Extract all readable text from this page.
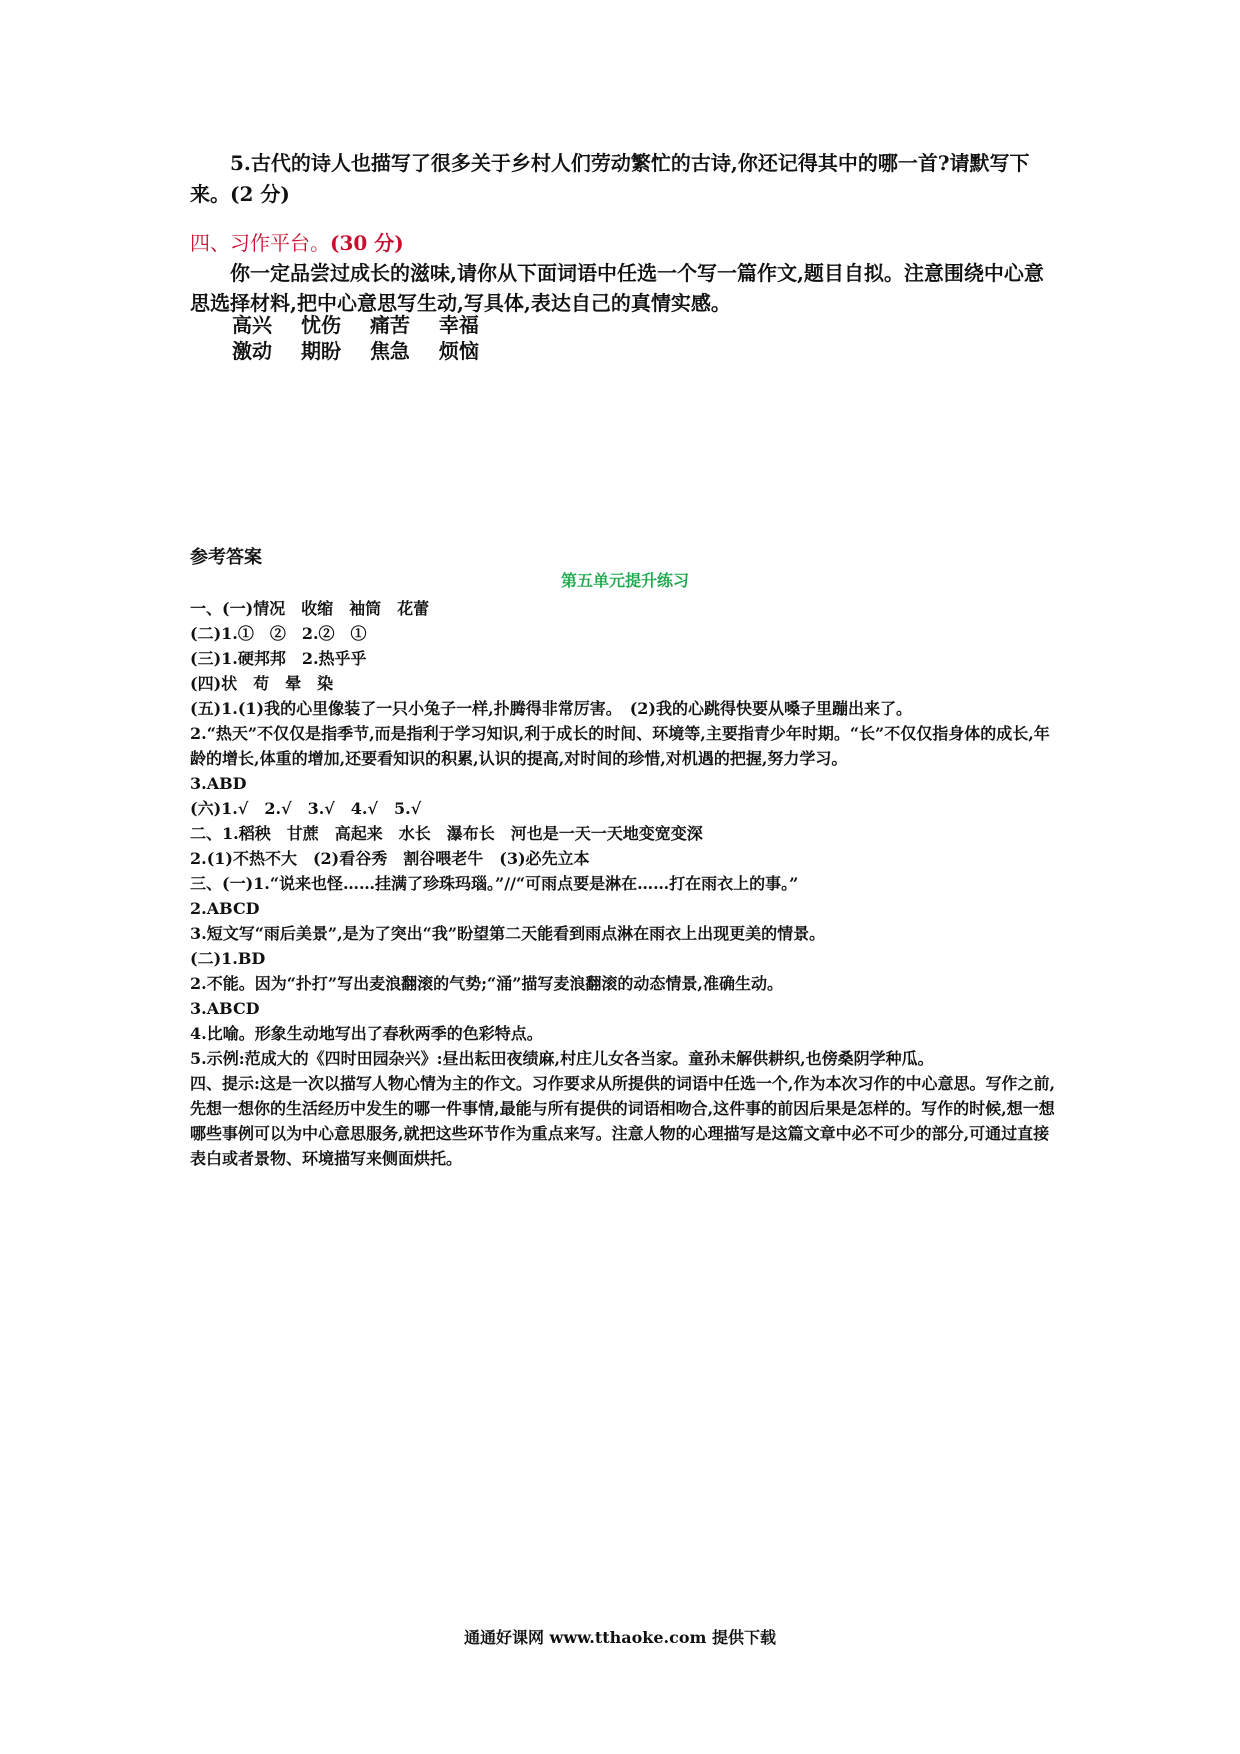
5.古代的诗人也描写了很多关于乡村人们劳动繁忙的古诗,你还记得其中的哪一首?请默写下来。(2 分)

四、习作平台。(30 分)

你一定品尝过成长的滋味,请你从下面词语中任选一个写一篇作文,题目自拟。注意围绕中心意思选择材料,把中心意思写生动,写具体,表达自己的真情实感。

高兴 忧伤 痛苦 幸福
激动 期盼 焦急 烦恼
参考答案
第五单元提升练习

一、(一)情况　收缩　袖筒　花蕾

(二)1.①　②　2.②　①

(三)1.硬邦邦　2.热乎乎

(四)状　苟　晕　染

(五)1.(1)我的心里像装了一只小兔子一样,扑腾得非常厉害。　(2)我的心跳得快要从嗓子里蹦出来了。

2.“热天”不仅仅是指季节,而是指利于学习知识,利于成长的时间、环境等,主要指青少年时期。“长”不仅仅指身体的成长,年龄的增长,体重的增加,还要看知识的积累,认识的提高,对时间的珍惜,对机遇的把握,努力学习。

3.ABD

(六)1.√　2.√　3.√　4.√　5.√

二、1.稻秧　甘蔗　高起来　水长　瀑布长　河也是一天一天地变宽变深

2.(1)不热不大　(2)看谷秀　割谷喂老牛　(3)必先立本

三、(一)1.“说来也怪……挂满了珍珠玛瑙。”//“可雨点要是淋在……打在雨衣上的事。”

2.ABCD

3.短文写“雨后美景”,是为了突出“我”盼望第二天能看到雨点淋在雨衣上出现更美的情景。

(二)1.BD

2.不能。因为“扑打”写出麦浪翻滚的气势;“涌”描写麦浪翻滚的动态情景,准确生动。

3.ABCD

4.比喻。形象生动地写出了春秋两季的色彩特点。

5.示例:范成大的《四时田园杂兴》:昼出耘田夜绩麻,村庄儿女各当家。童孙未解供耕织,也傍桑阴学种瓜。

四、提示:这是一次以描写人物心情为主的作文。习作要求从所提供的词语中任选一个,作为本次习作的中心意思。写作之前,先想一想你的生活经历中发生的哪一件事情,最能与所有提供的词语相吻合,这件事的前因后果是怎样的。写作的时候,想一想哪些事例可以为中心意思服务,就把这些环节作为重点来写。注意人物的心理描写是这篇文章中必不可少的部分,可通过直接表白或者景物、环境描写来侧面烘托。

通通好课网 www.tthaoke.com 提供下载
